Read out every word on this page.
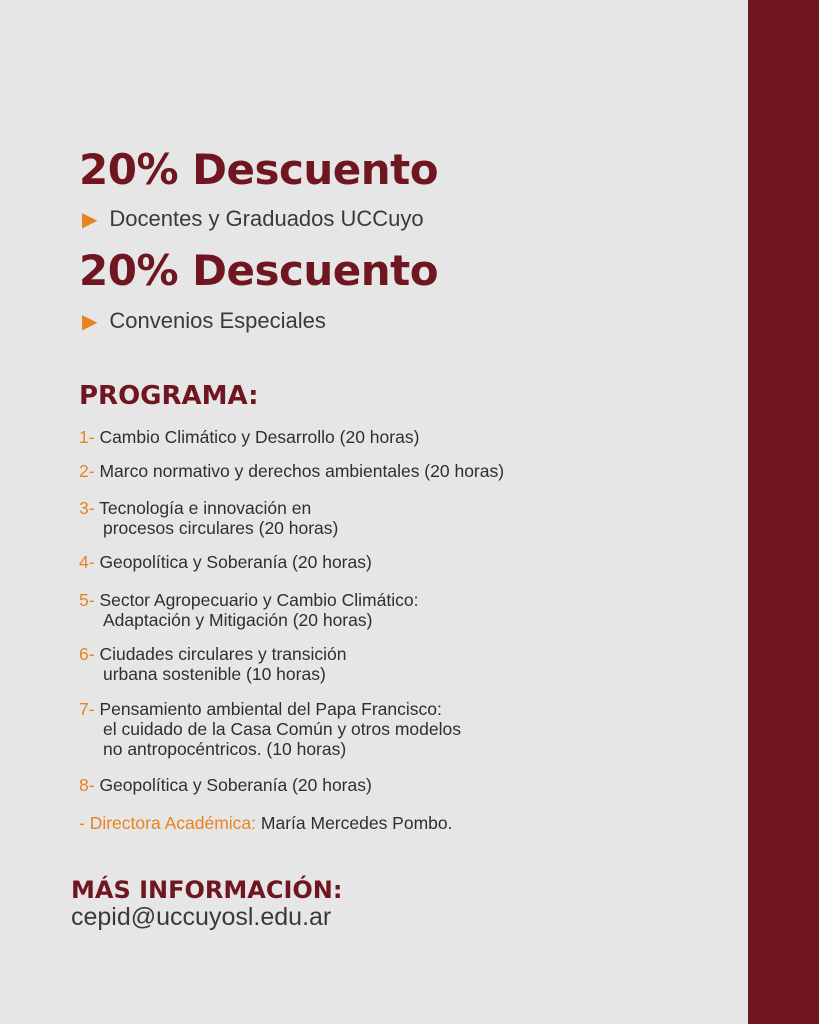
20% Descuento
▶ Docentes y Graduados UCCuyo
20% Descuento
▶ Convenios Especiales
PROGRAMA:
1- Cambio Climático y Desarrollo (20 horas)
2- Marco normativo y derechos ambientales (20 horas)
3- Tecnología e innovación en
procesos circulares (20 horas)
4- Geopolítica y Soberanía (20 horas)
5- Sector Agropecuario y Cambio Climático:
Adaptación y Mitigación (20 horas)
6- Ciudades circulares y transición
urbana sostenible (10 horas)
7- Pensamiento ambiental del Papa Francisco:
el cuidado de la Casa Común y otros modelos
no antropocéntricos. (10 horas)
8- Geopolítica y Soberanía (20 horas)
- Directora Académica: María Mercedes Pombo.
MÁS INFORMACIÓN:
cepid@uccuyosl.edu.ar
